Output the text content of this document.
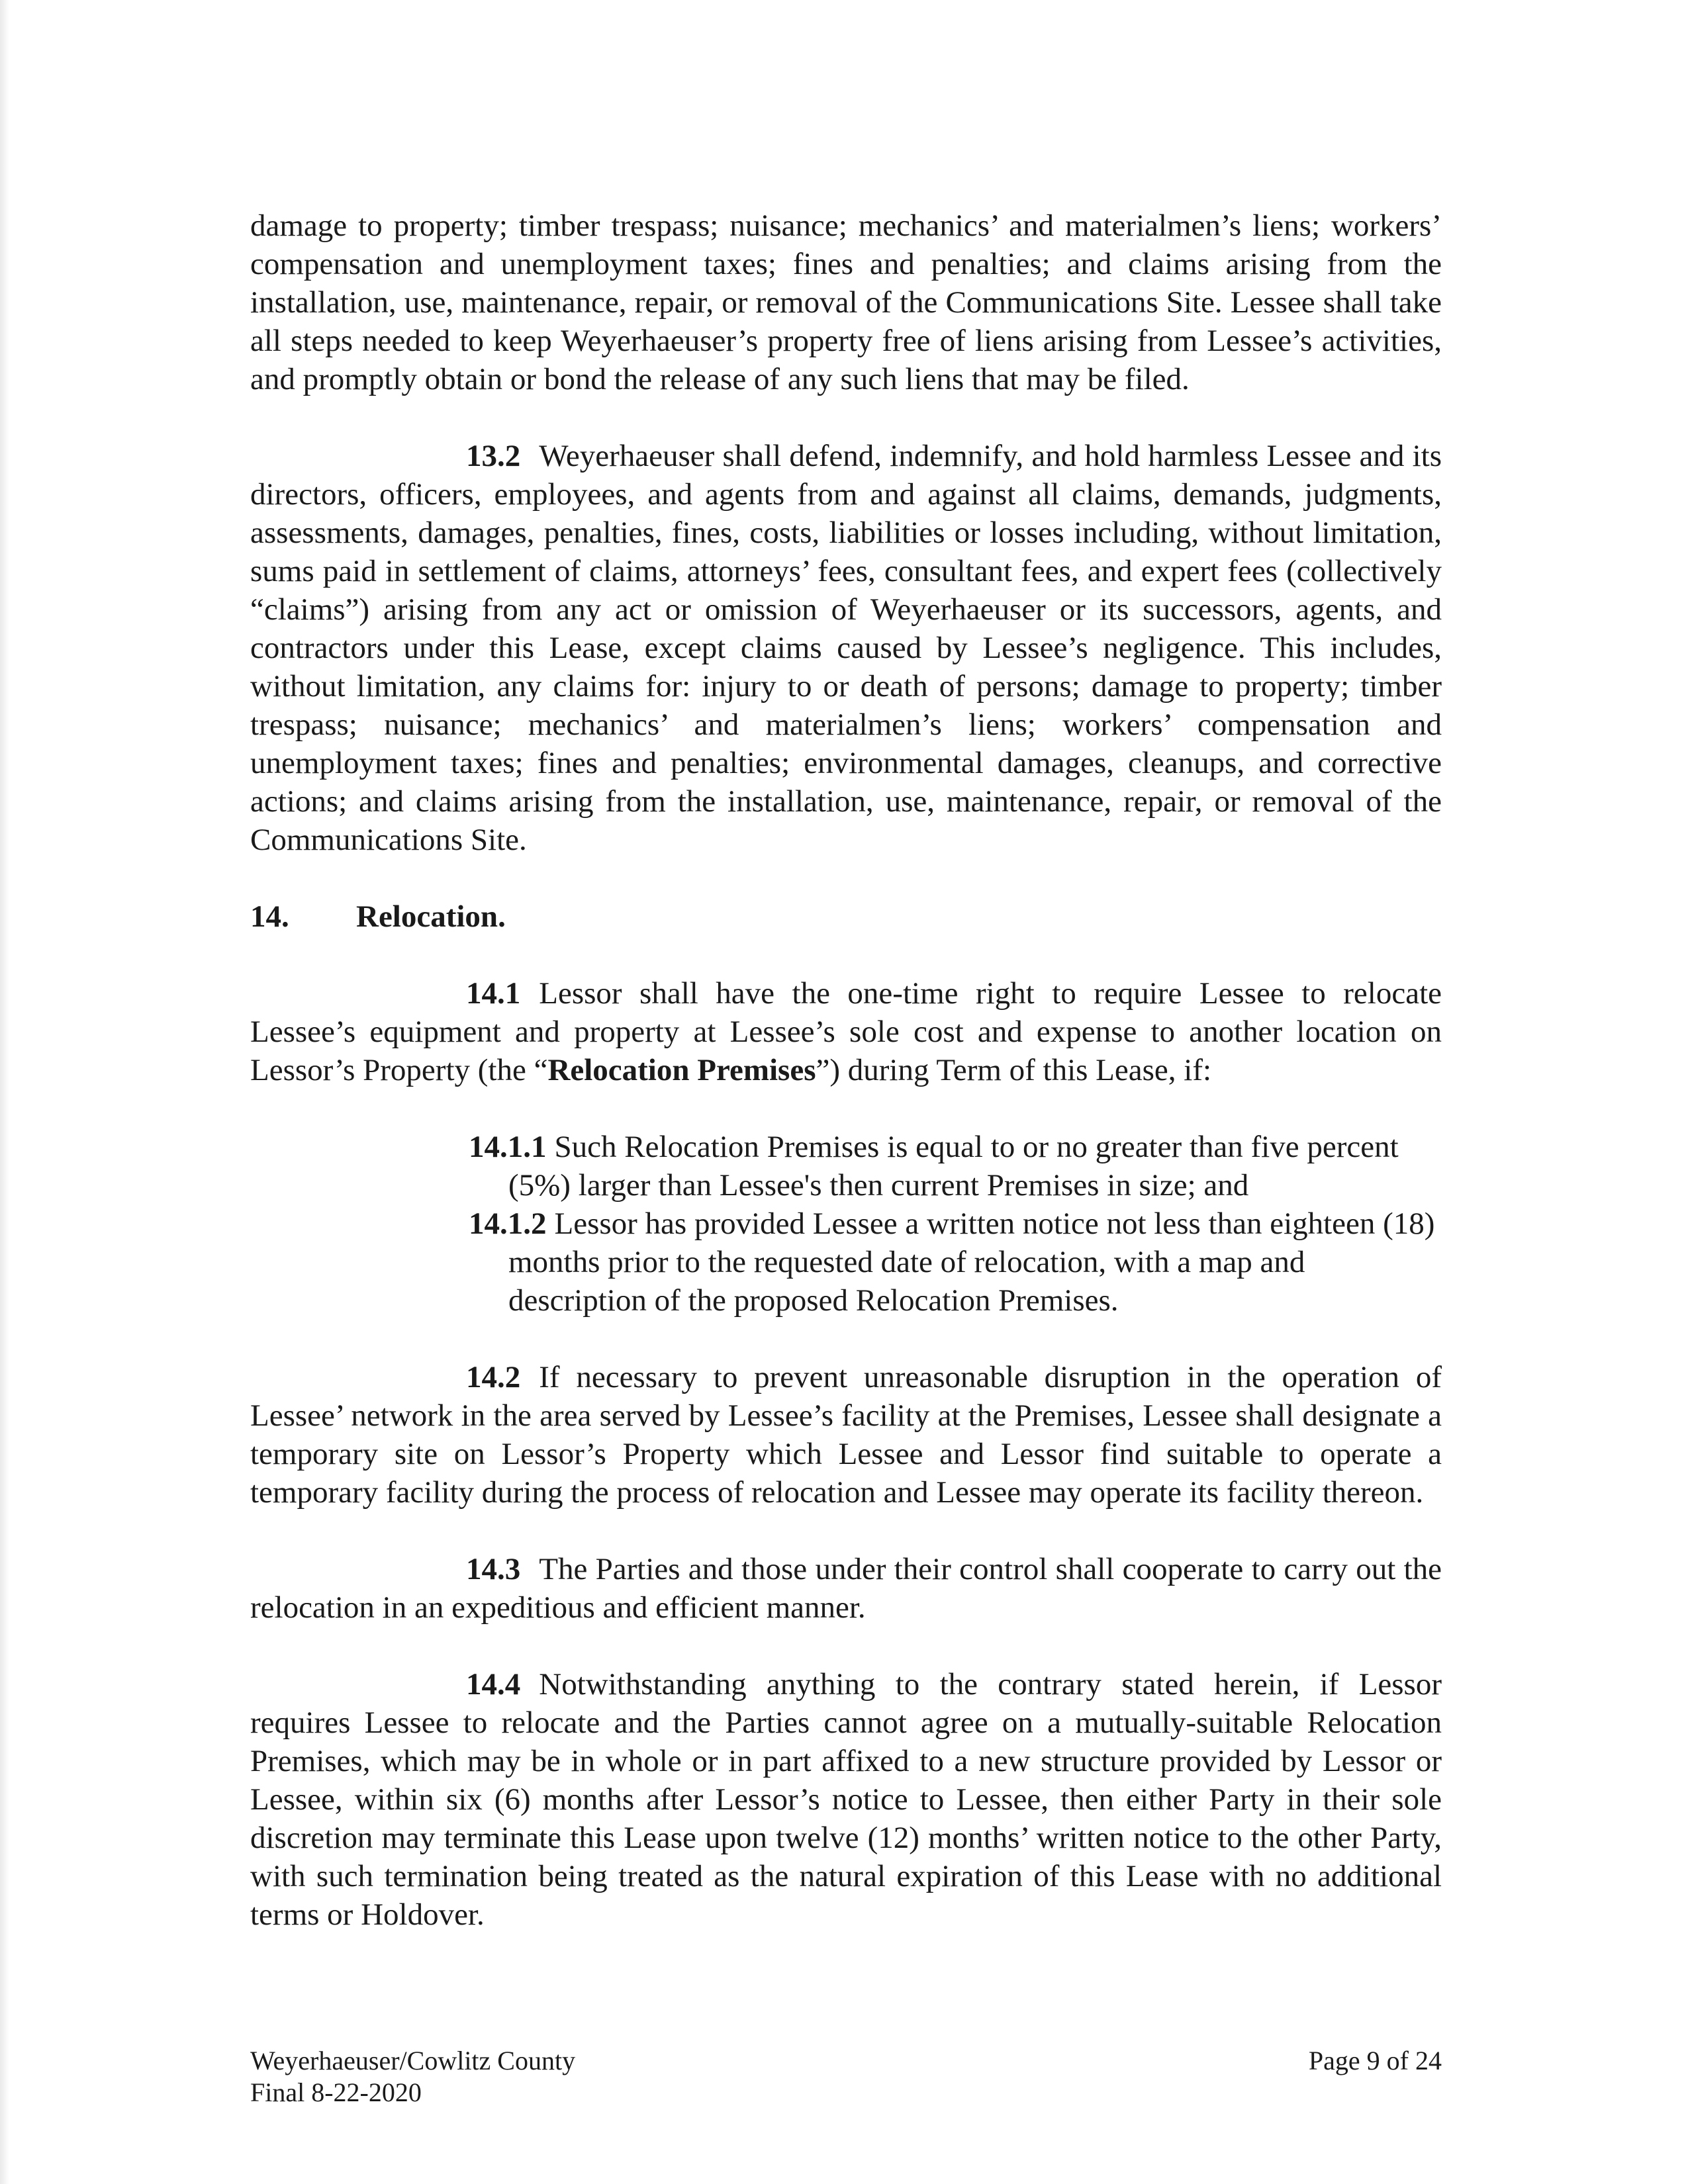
damage to property; timber trespass; nuisance; mechanics’ and materialmen’s liens; workers’ compensation and unemployment taxes; fines and penalties; and claims arising from the installation, use, maintenance, repair, or removal of the Communications Site. Lessee shall take all steps needed to keep Weyerhaeuser’s property free of liens arising from Lessee’s activities, and promptly obtain or bond the release of any such liens that may be filed.

13.2 Weyerhaeuser shall defend, indemnify, and hold harmless Lessee and its directors, officers, employees, and agents from and against all claims, demands, judgments, assessments, damages, penalties, fines, costs, liabilities or losses including, without limitation, sums paid in settlement of claims, attorneys’ fees, consultant fees, and expert fees (collectively “claims”) arising from any act or omission of Weyerhaeuser or its successors, agents, and contractors under this Lease, except claims caused by Lessee’s negligence. This includes, without limitation, any claims for: injury to or death of persons; damage to property; timber trespass; nuisance; mechanics’ and materialmen’s liens; workers’ compensation and unemployment taxes; fines and penalties; environmental damages, cleanups, and corrective actions; and claims arising from the installation, use, maintenance, repair, or removal of the Communications Site.

14. Relocation.

14.1 Lessor shall have the one-time right to require Lessee to relocate Lessee’s equipment and property at Lessee’s sole cost and expense to another location on Lessor’s Property (the “Relocation Premises”) during Term of this Lease, if:

14.1.1 Such Relocation Premises is equal to or no greater than five percent (5%) larger than Lessee's then current Premises in size; and
14.1.2 Lessor has provided Lessee a written notice not less than eighteen (18) months prior to the requested date of relocation, with a map and description of the proposed Relocation Premises.

14.2 If necessary to prevent unreasonable disruption in the operation of Lessee’ network in the area served by Lessee’s facility at the Premises, Lessee shall designate a temporary site on Lessor’s Property which Lessee and Lessor find suitable to operate a temporary facility during the process of relocation and Lessee may operate its facility thereon.

14.3 The Parties and those under their control shall cooperate to carry out the relocation in an expeditious and efficient manner.

14.4 Notwithstanding anything to the contrary stated herein, if Lessor requires Lessee to relocate and the Parties cannot agree on a mutually-suitable Relocation Premises, which may be in whole or in part affixed to a new structure provided by Lessor or Lessee, within six (6) months after Lessor’s notice to Lessee, then either Party in their sole discretion may terminate this Lease upon twelve (12) months’ written notice to the other Party, with such termination being treated as the natural expiration of this Lease with no additional terms or Holdover.

Weyerhaeuser/Cowlitz County
Final 8-22-2020
Page 9 of 24
